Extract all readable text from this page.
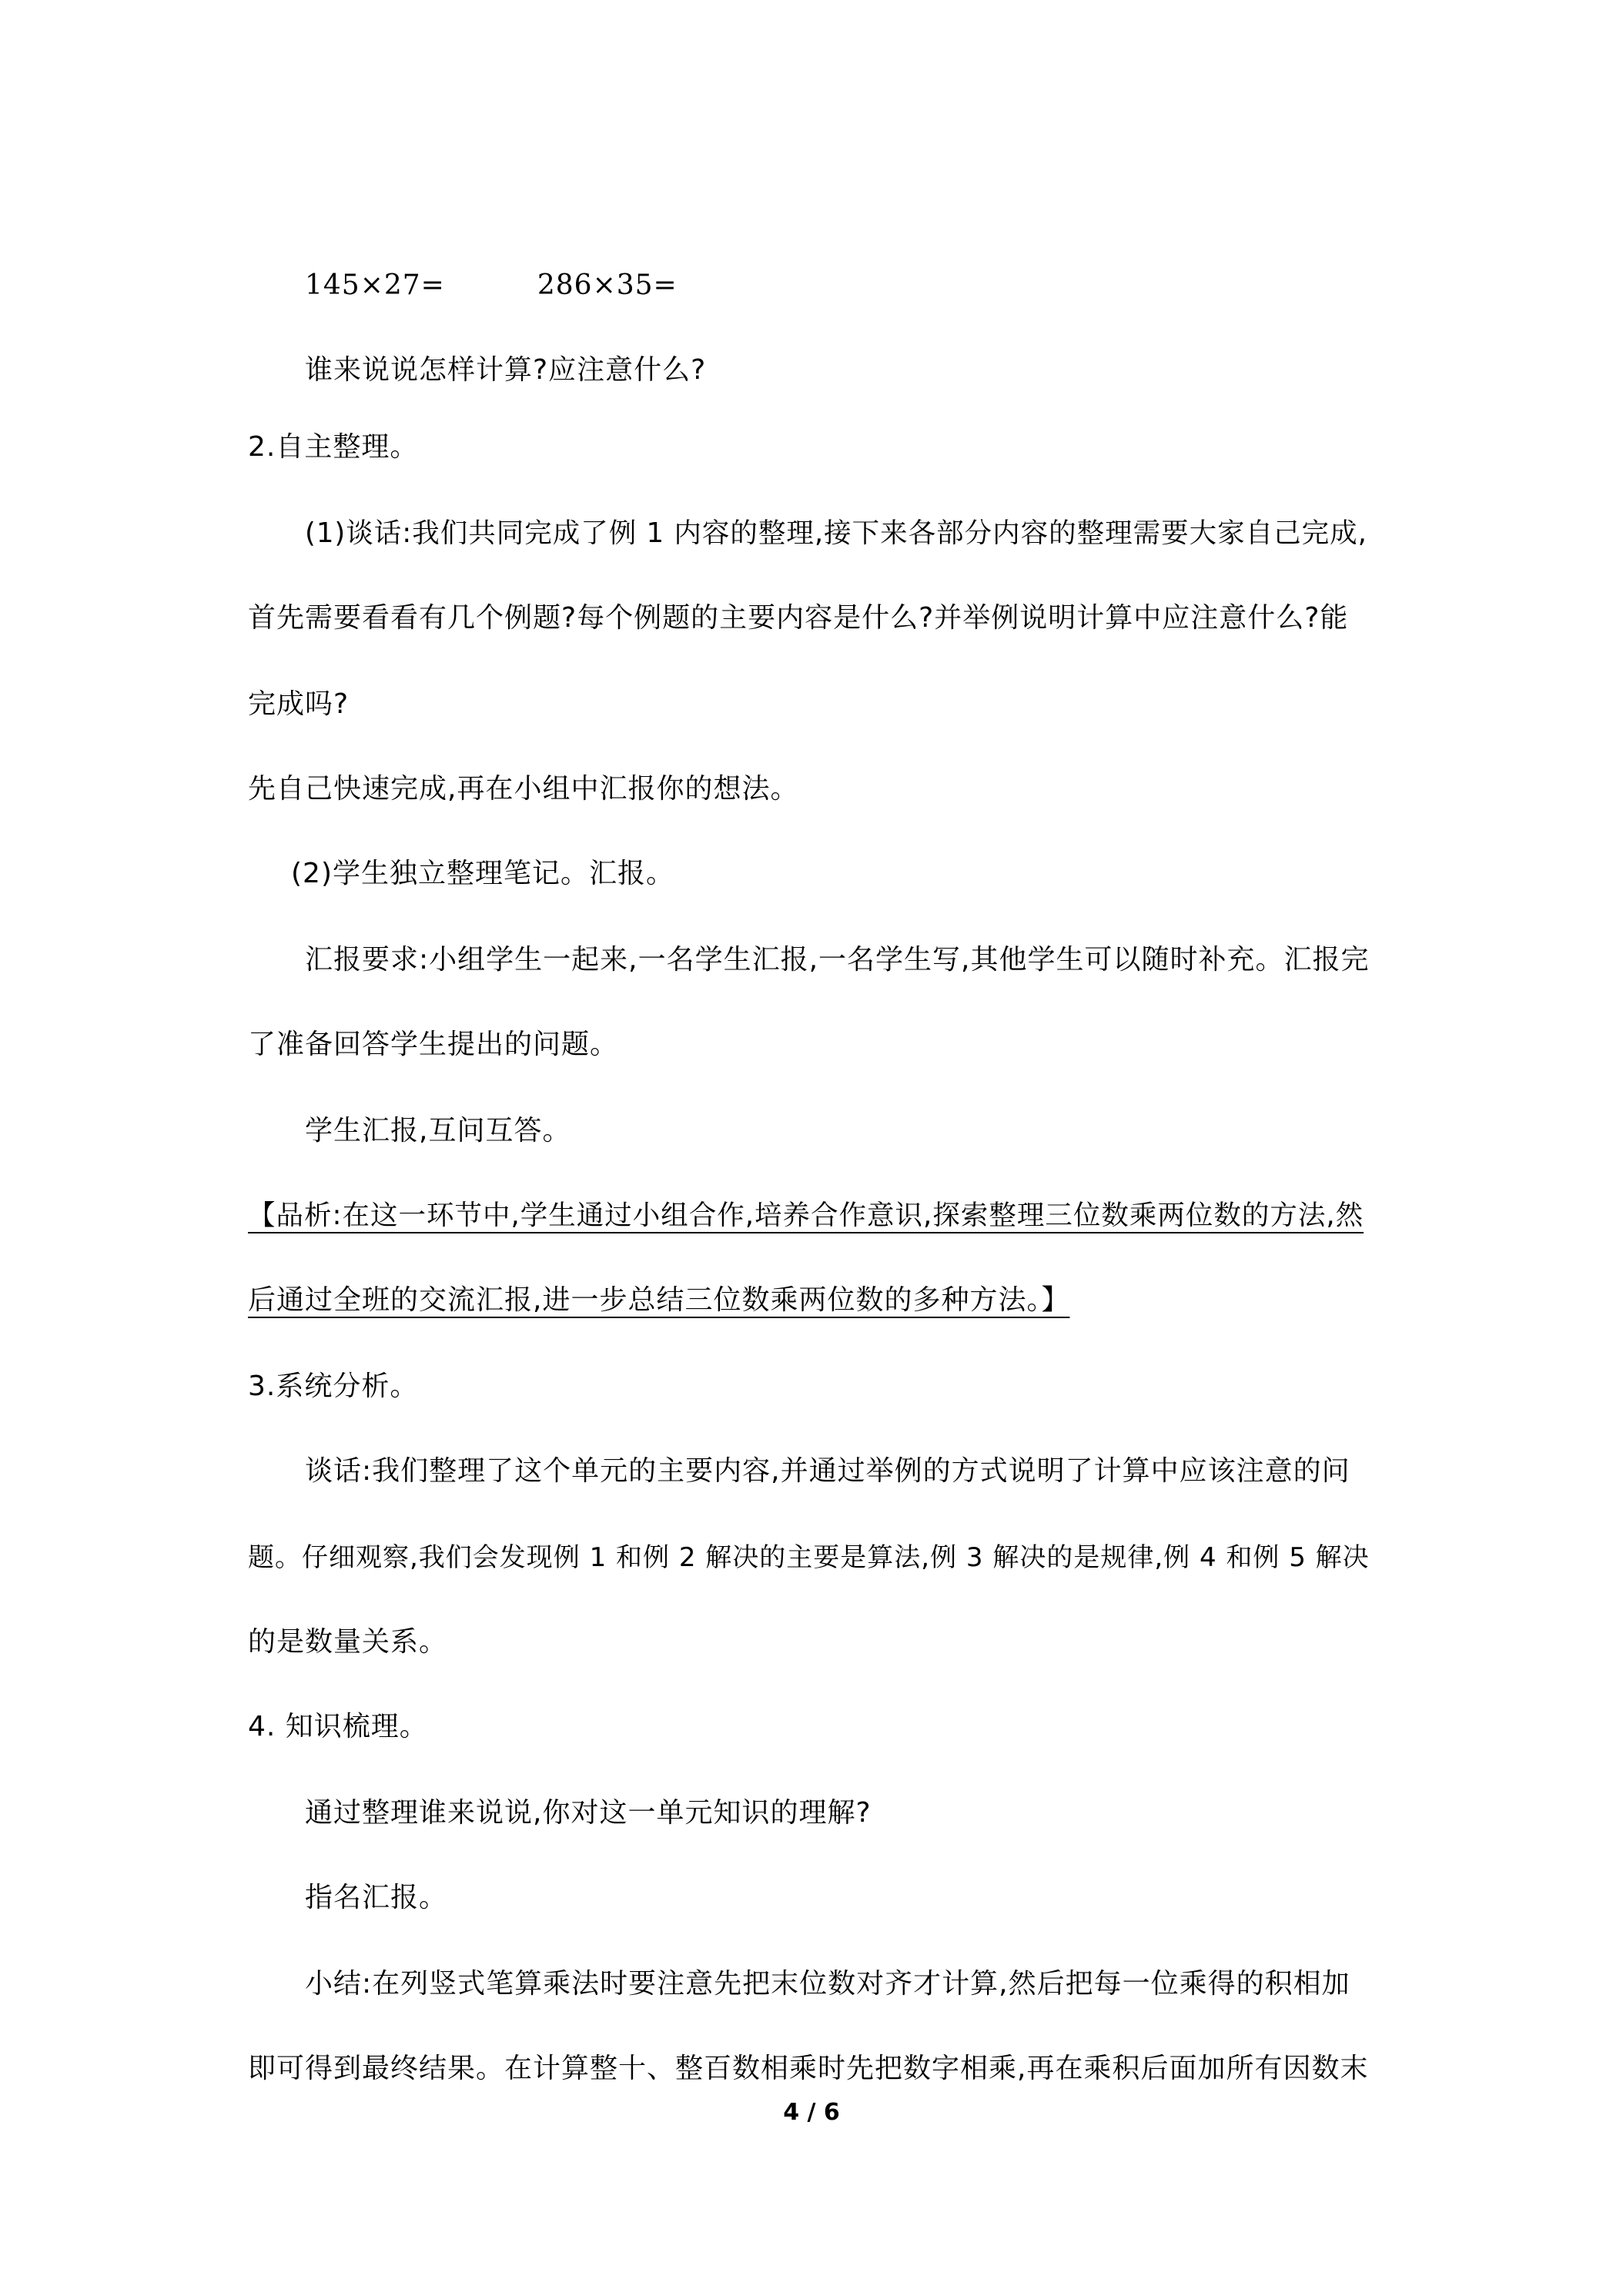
145×27=	286×35=
谁来说说怎样计算?应注意什么?
2.自主整理。
(1)谈话:我们共同完成了例 1 内容的整理,接下来各部分内容的整理需要大家自己完成,
首先需要看看有几个例题?每个例题的主要内容是什么?并举例说明计算中应注意什么?能
完成吗?
先自己快速完成,再在小组中汇报你的想法。
(2)学生独立整理笔记。汇报。
汇报要求:小组学生一起来,一名学生汇报,一名学生写,其他学生可以随时补充。汇报完
了准备回答学生提出的问题。
学生汇报,互问互答。
【品析:在这一环节中,学生通过小组合作,培养合作意识,探索整理三位数乘两位数的方法,然
后通过全班的交流汇报,进一步总结三位数乘两位数的多种方法。】
3.系统分析。
谈话:我们整理了这个单元的主要内容,并通过举例的方式说明了计算中应该注意的问
题。仔细观察,我们会发现例 1 和例 2 解决的主要是算法,例 3 解决的是规律,例 4 和例 5 解决
的是数量关系。
4. 知识梳理。
通过整理谁来说说,你对这一单元知识的理解?
指名汇报。
小结:在列竖式笔算乘法时要注意先把末位数对齐才计算,然后把每一位乘得的积相加
即可得到最终结果。在计算整十、整百数相乘时先把数字相乘,再在乘积后面加所有因数末
4 / 6
